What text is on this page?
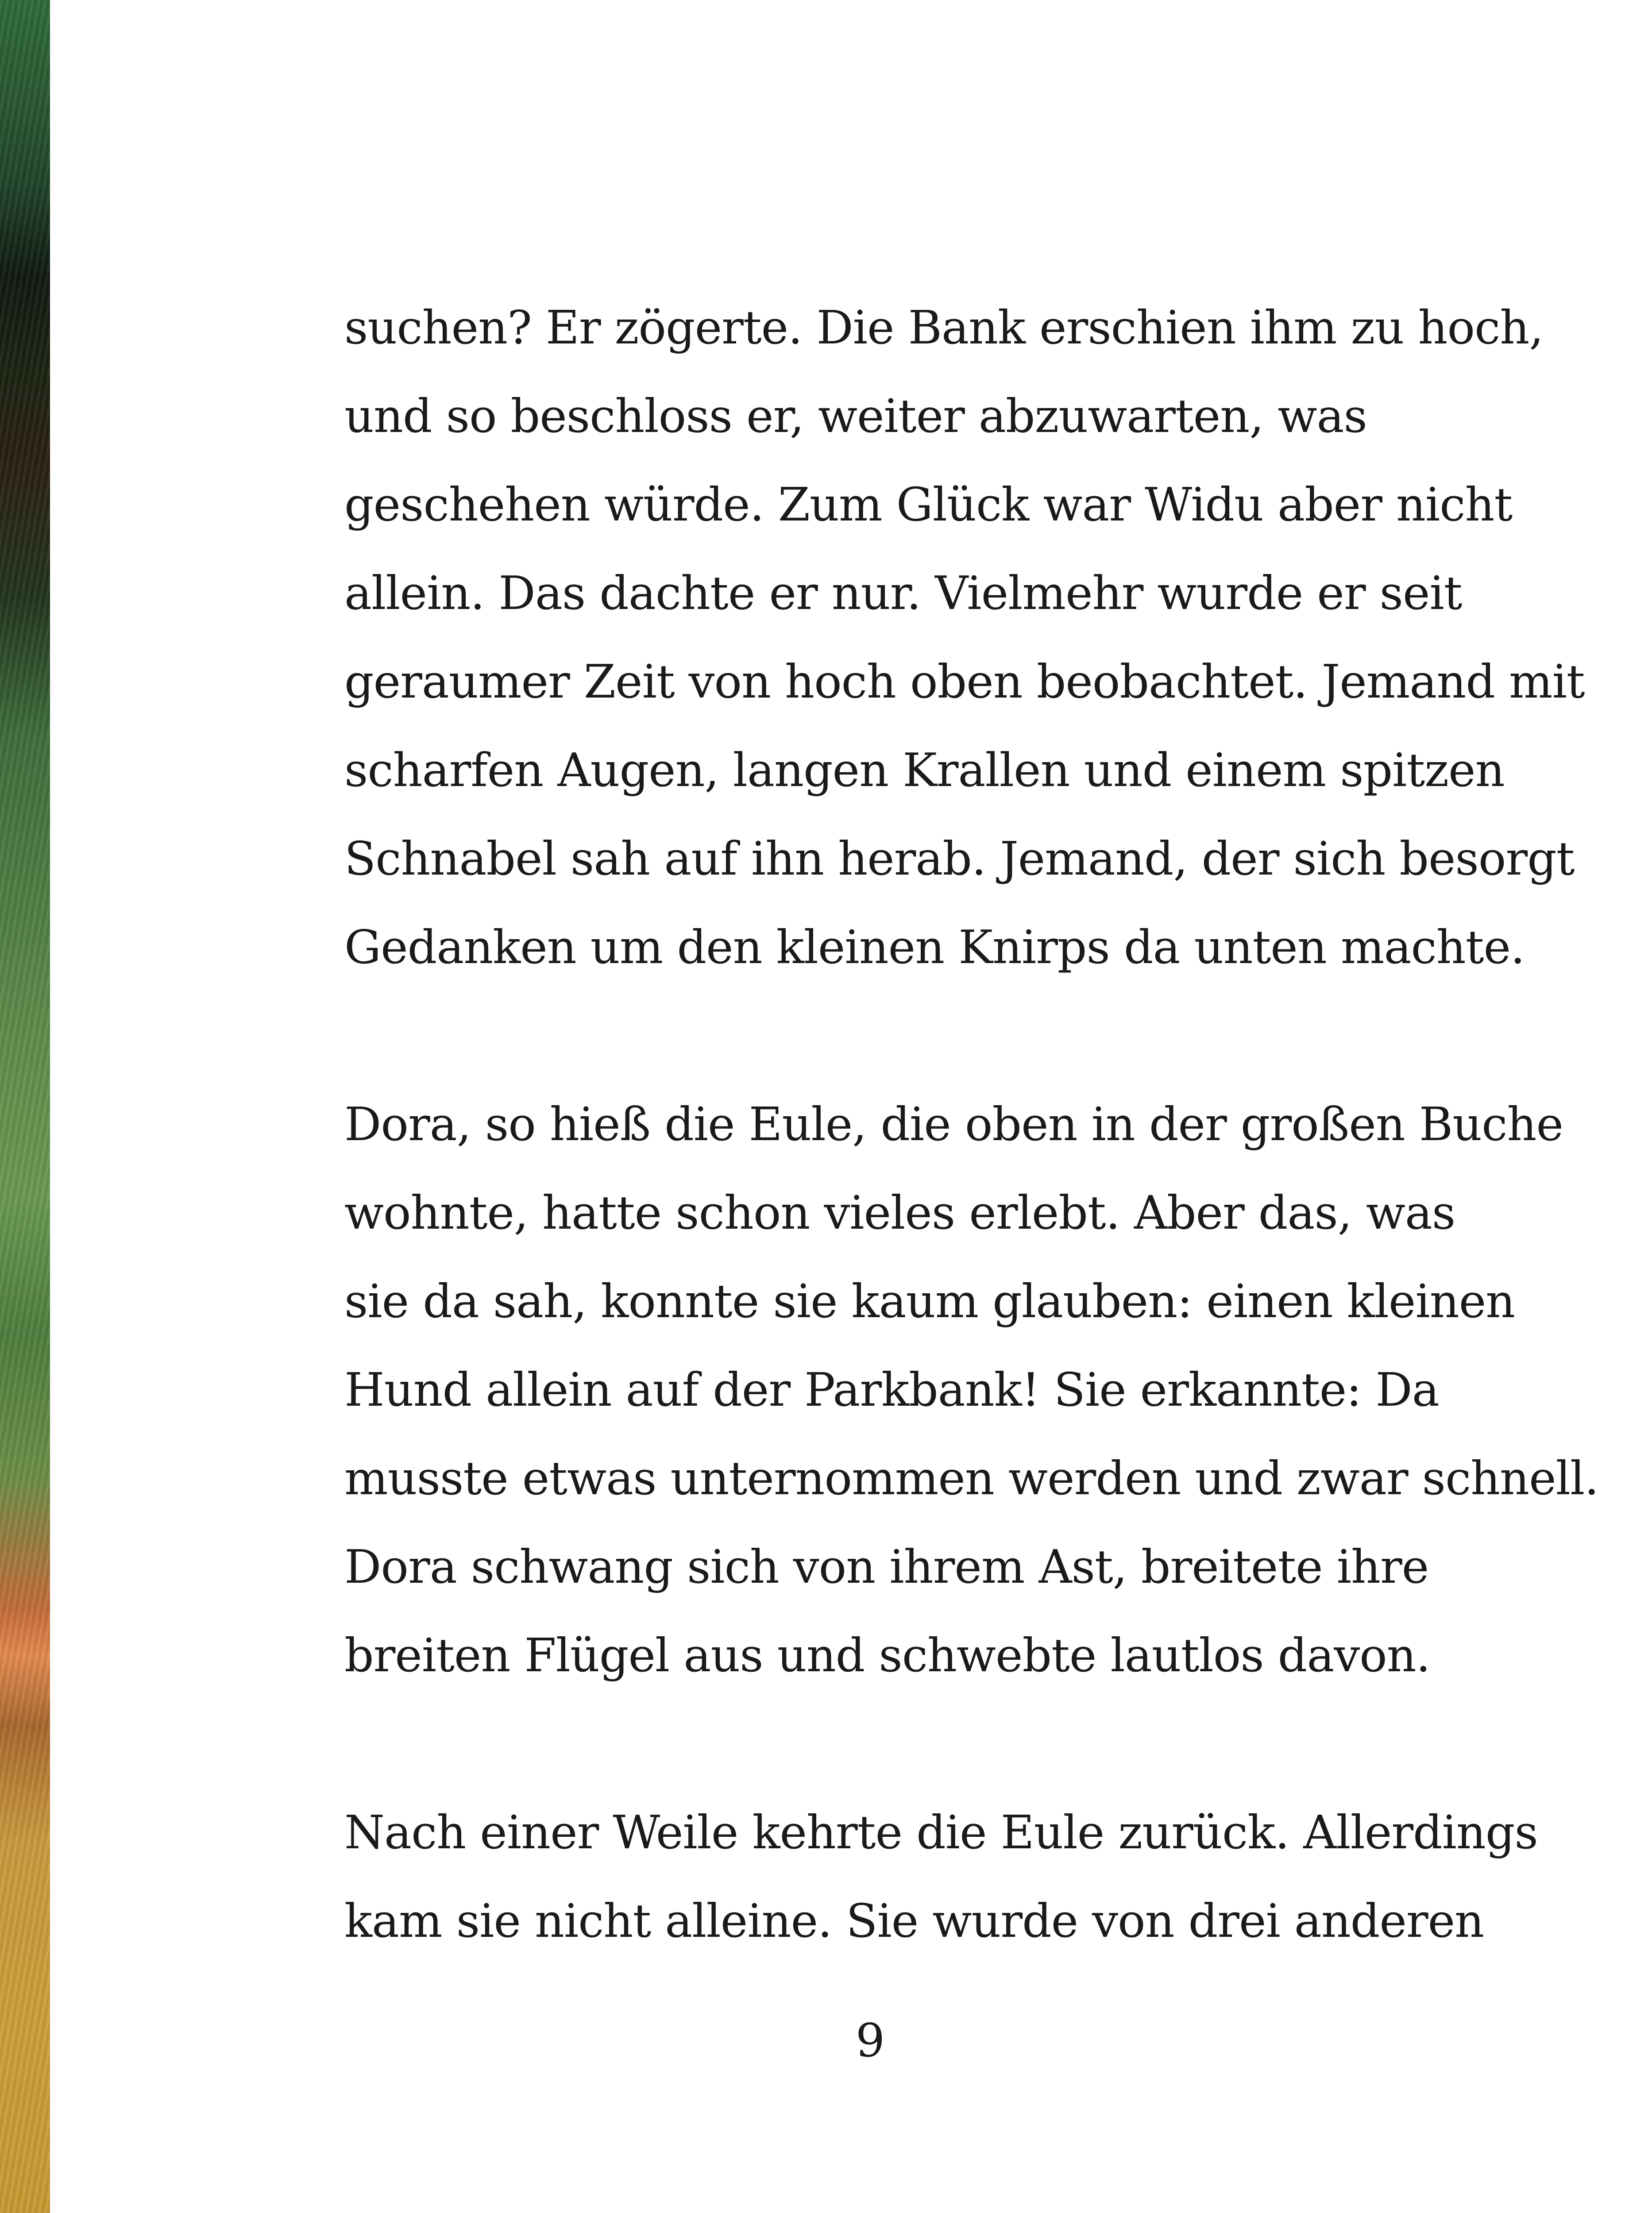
suchen? Er zögerte. Die Bank erschien ihm zu hoch,
und so beschloss er, weiter abzuwarten, was
geschehen würde. Zum Glück war Widu aber nicht
allein. Das dachte er nur. Vielmehr wurde er seit
geraumer Zeit von hoch oben beobachtet. Jemand mit
scharfen Augen, langen Krallen und einem spitzen
Schnabel sah auf ihn herab. Jemand, der sich besorgt
Gedanken um den kleinen Knirps da unten machte.

Dora, so hieß die Eule, die oben in der großen Buche
wohnte, hatte schon vieles erlebt. Aber das, was
sie da sah, konnte sie kaum glauben: einen kleinen
Hund allein auf der Parkbank! Sie erkannte: Da
musste etwas unternommen werden und zwar schnell.
Dora schwang sich von ihrem Ast, breitete ihre
breiten Flügel aus und schwebte lautlos davon.

Nach einer Weile kehrte die Eule zurück. Allerdings
kam sie nicht alleine. Sie wurde von drei anderen

9
